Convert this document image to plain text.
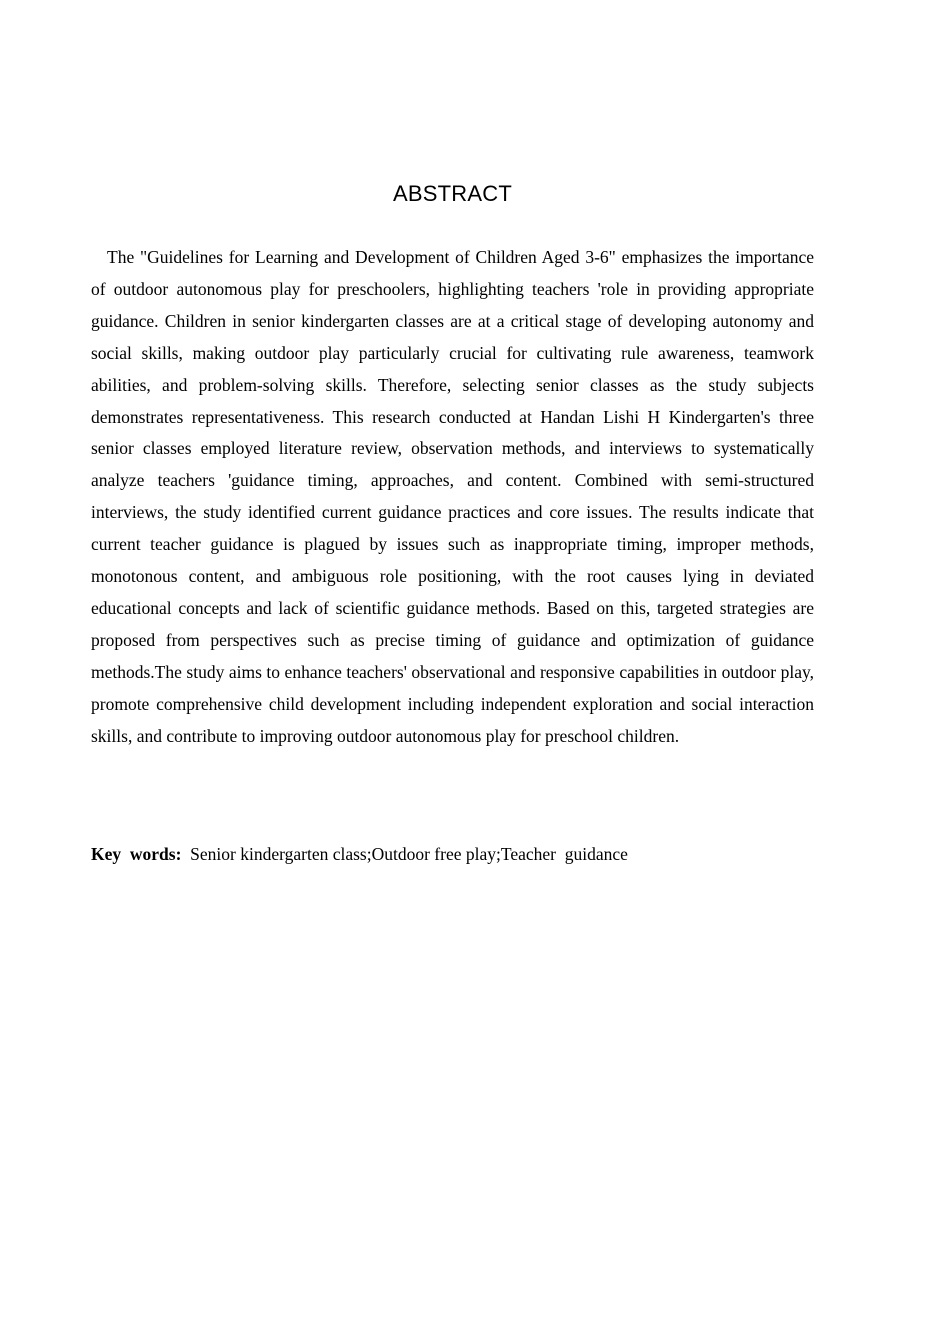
ABSTRACT

The "Guidelines for Learning and Development of Children Aged 3-6" emphasizes the importance of outdoor autonomous play for preschoolers, highlighting teachers 'role in providing appropriate guidance. Children in senior kindergarten classes are at a critical stage of developing autonomy and social skills, making outdoor play particularly crucial for cultivating rule awareness, teamwork abilities, and problem-solving skills. Therefore, selecting senior classes as the study subjects demonstrates representativeness. This research conducted at Handan Lishi H Kindergarten's three senior classes employed literature review, observation methods, and interviews to systematically analyze teachers 'guidance timing, approaches, and content. Combined with semi-structured interviews, the study identified current guidance practices and core issues. The results indicate that current teacher guidance is plagued by issues such as inappropriate timing, improper methods, monotonous content, and ambiguous role positioning, with the root causes lying in deviated educational concepts and lack of scientific guidance methods. Based on this, targeted strategies are proposed from perspectives such as precise timing of guidance and optimization of guidance methods.The study aims to enhance teachers' observational and responsive capabilities in outdoor play, promote comprehensive child development including independent exploration and social interaction skills, and contribute to improving outdoor autonomous play for preschool children.

Key  words:  Senior kindergarten class;Outdoor free play;Teacher  guidance
